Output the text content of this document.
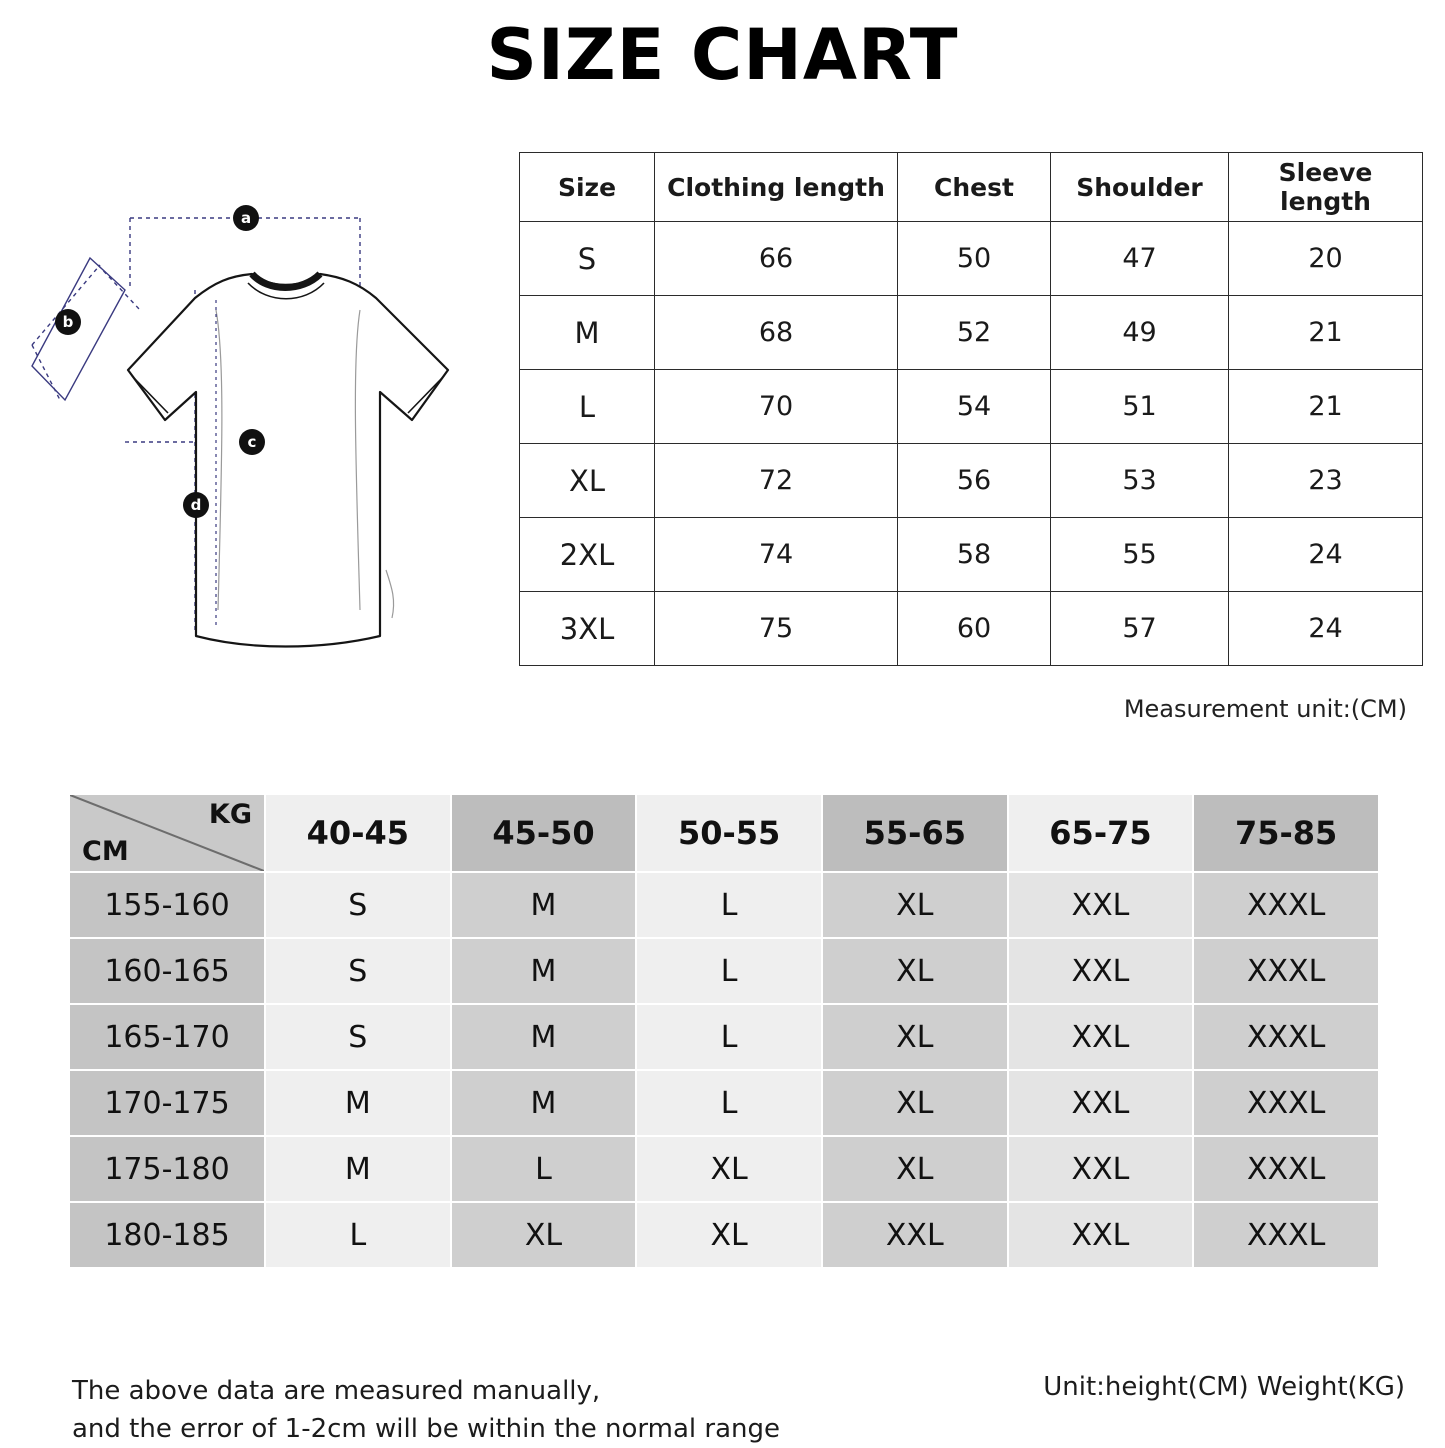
SIZE CHART
a
b
c
d
Size	Clothing length	Chest	Shoulder	Sleeve length
S	66	50	47	20
M	68	52	49	21
L	70	54	51	21
XL	72	56	53	23
2XL	74	58	55	24
3XL	75	60	57	24
Measurement unit:(CM)
KG
CM	40-45	45-50	50-55	55-65	65-75	75-85
155-160	S	M	L	XL	XXL	XXXL
160-165	S	M	L	XL	XXL	XXXL
165-170	S	M	L	XL	XXL	XXXL
170-175	M	M	L	XL	XXL	XXXL
175-180	M	L	XL	XL	XXL	XXXL
180-185	L	XL	XL	XXL	XXL	XXXL
The above data are measured manually,
and the error of 1-2cm will be within the normal range
Unit:height(CM) Weight(KG)
